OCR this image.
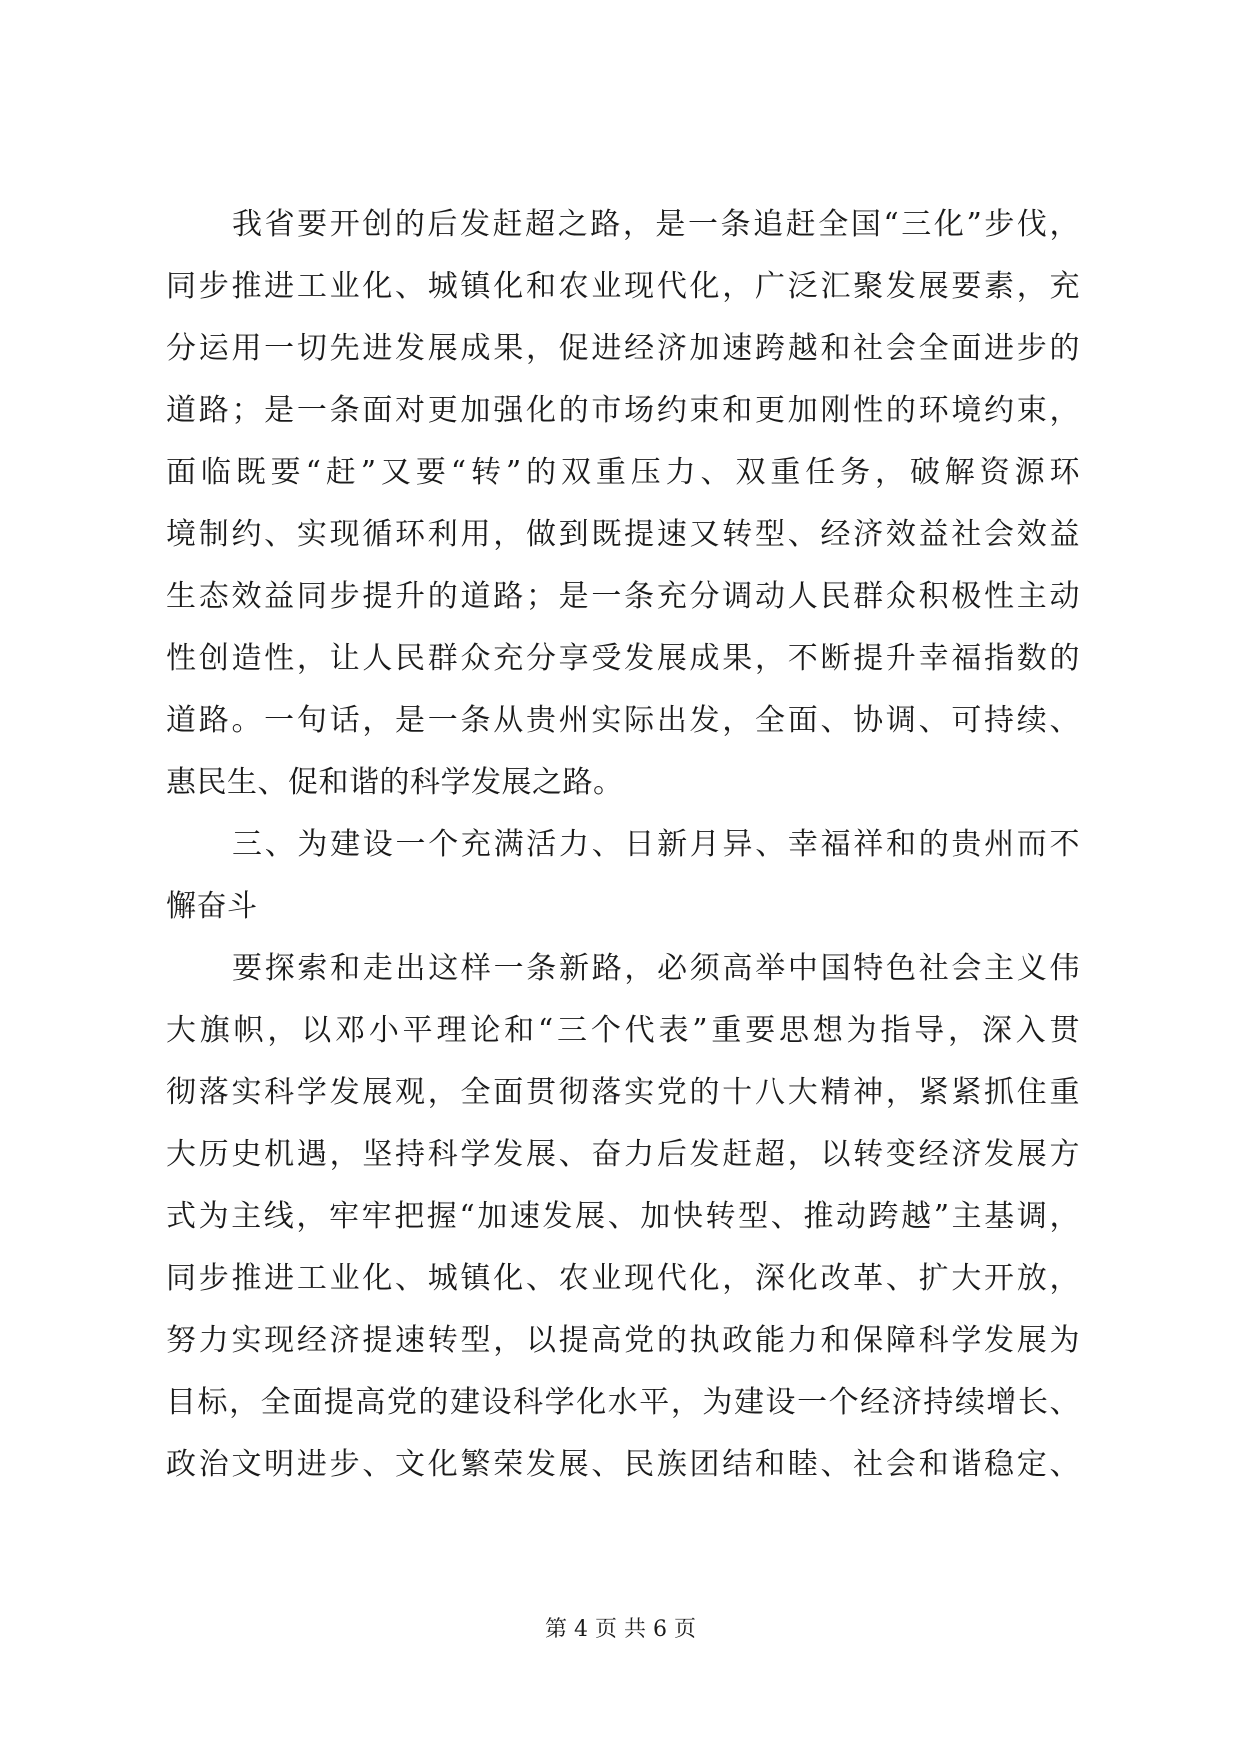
我省要开创的后发赶超之路，是一条追赶全国“三化”步伐，
同步推进工业化、城镇化和农业现代化，广泛汇聚发展要素，充
分运用一切先进发展成果，促进经济加速跨越和社会全面进步的
道路；是一条面对更加强化的市场约束和更加刚性的环境约束，
面临既要“赶”又要“转”的双重压力、双重任务，破解资源环
境制约、实现循环利用，做到既提速又转型、经济效益社会效益
生态效益同步提升的道路；是一条充分调动人民群众积极性主动
性创造性，让人民群众充分享受发展成果，不断提升幸福指数的
道路。一句话，是一条从贵州实际出发，全面、协调、可持续、
惠民生、促和谐的科学发展之路。
三、为建设一个充满活力、日新月异、幸福祥和的贵州而不
懈奋斗
要探索和走出这样一条新路，必须高举中国特色社会主义伟
大旗帜，以邓小平理论和“三个代表”重要思想为指导，深入贯
彻落实科学发展观，全面贯彻落实党的十八大精神，紧紧抓住重
大历史机遇，坚持科学发展、奋力后发赶超，以转变经济发展方
式为主线，牢牢把握“加速发展、加快转型、推动跨越”主基调，
同步推进工业化、城镇化、农业现代化，深化改革、扩大开放，
努力实现经济提速转型，以提高党的执政能力和保障科学发展为
目标，全面提高党的建设科学化水平，为建设一个经济持续增长、
政治文明进步、文化繁荣发展、民族团结和睦、社会和谐稳定、
第 4 页 共 6 页
